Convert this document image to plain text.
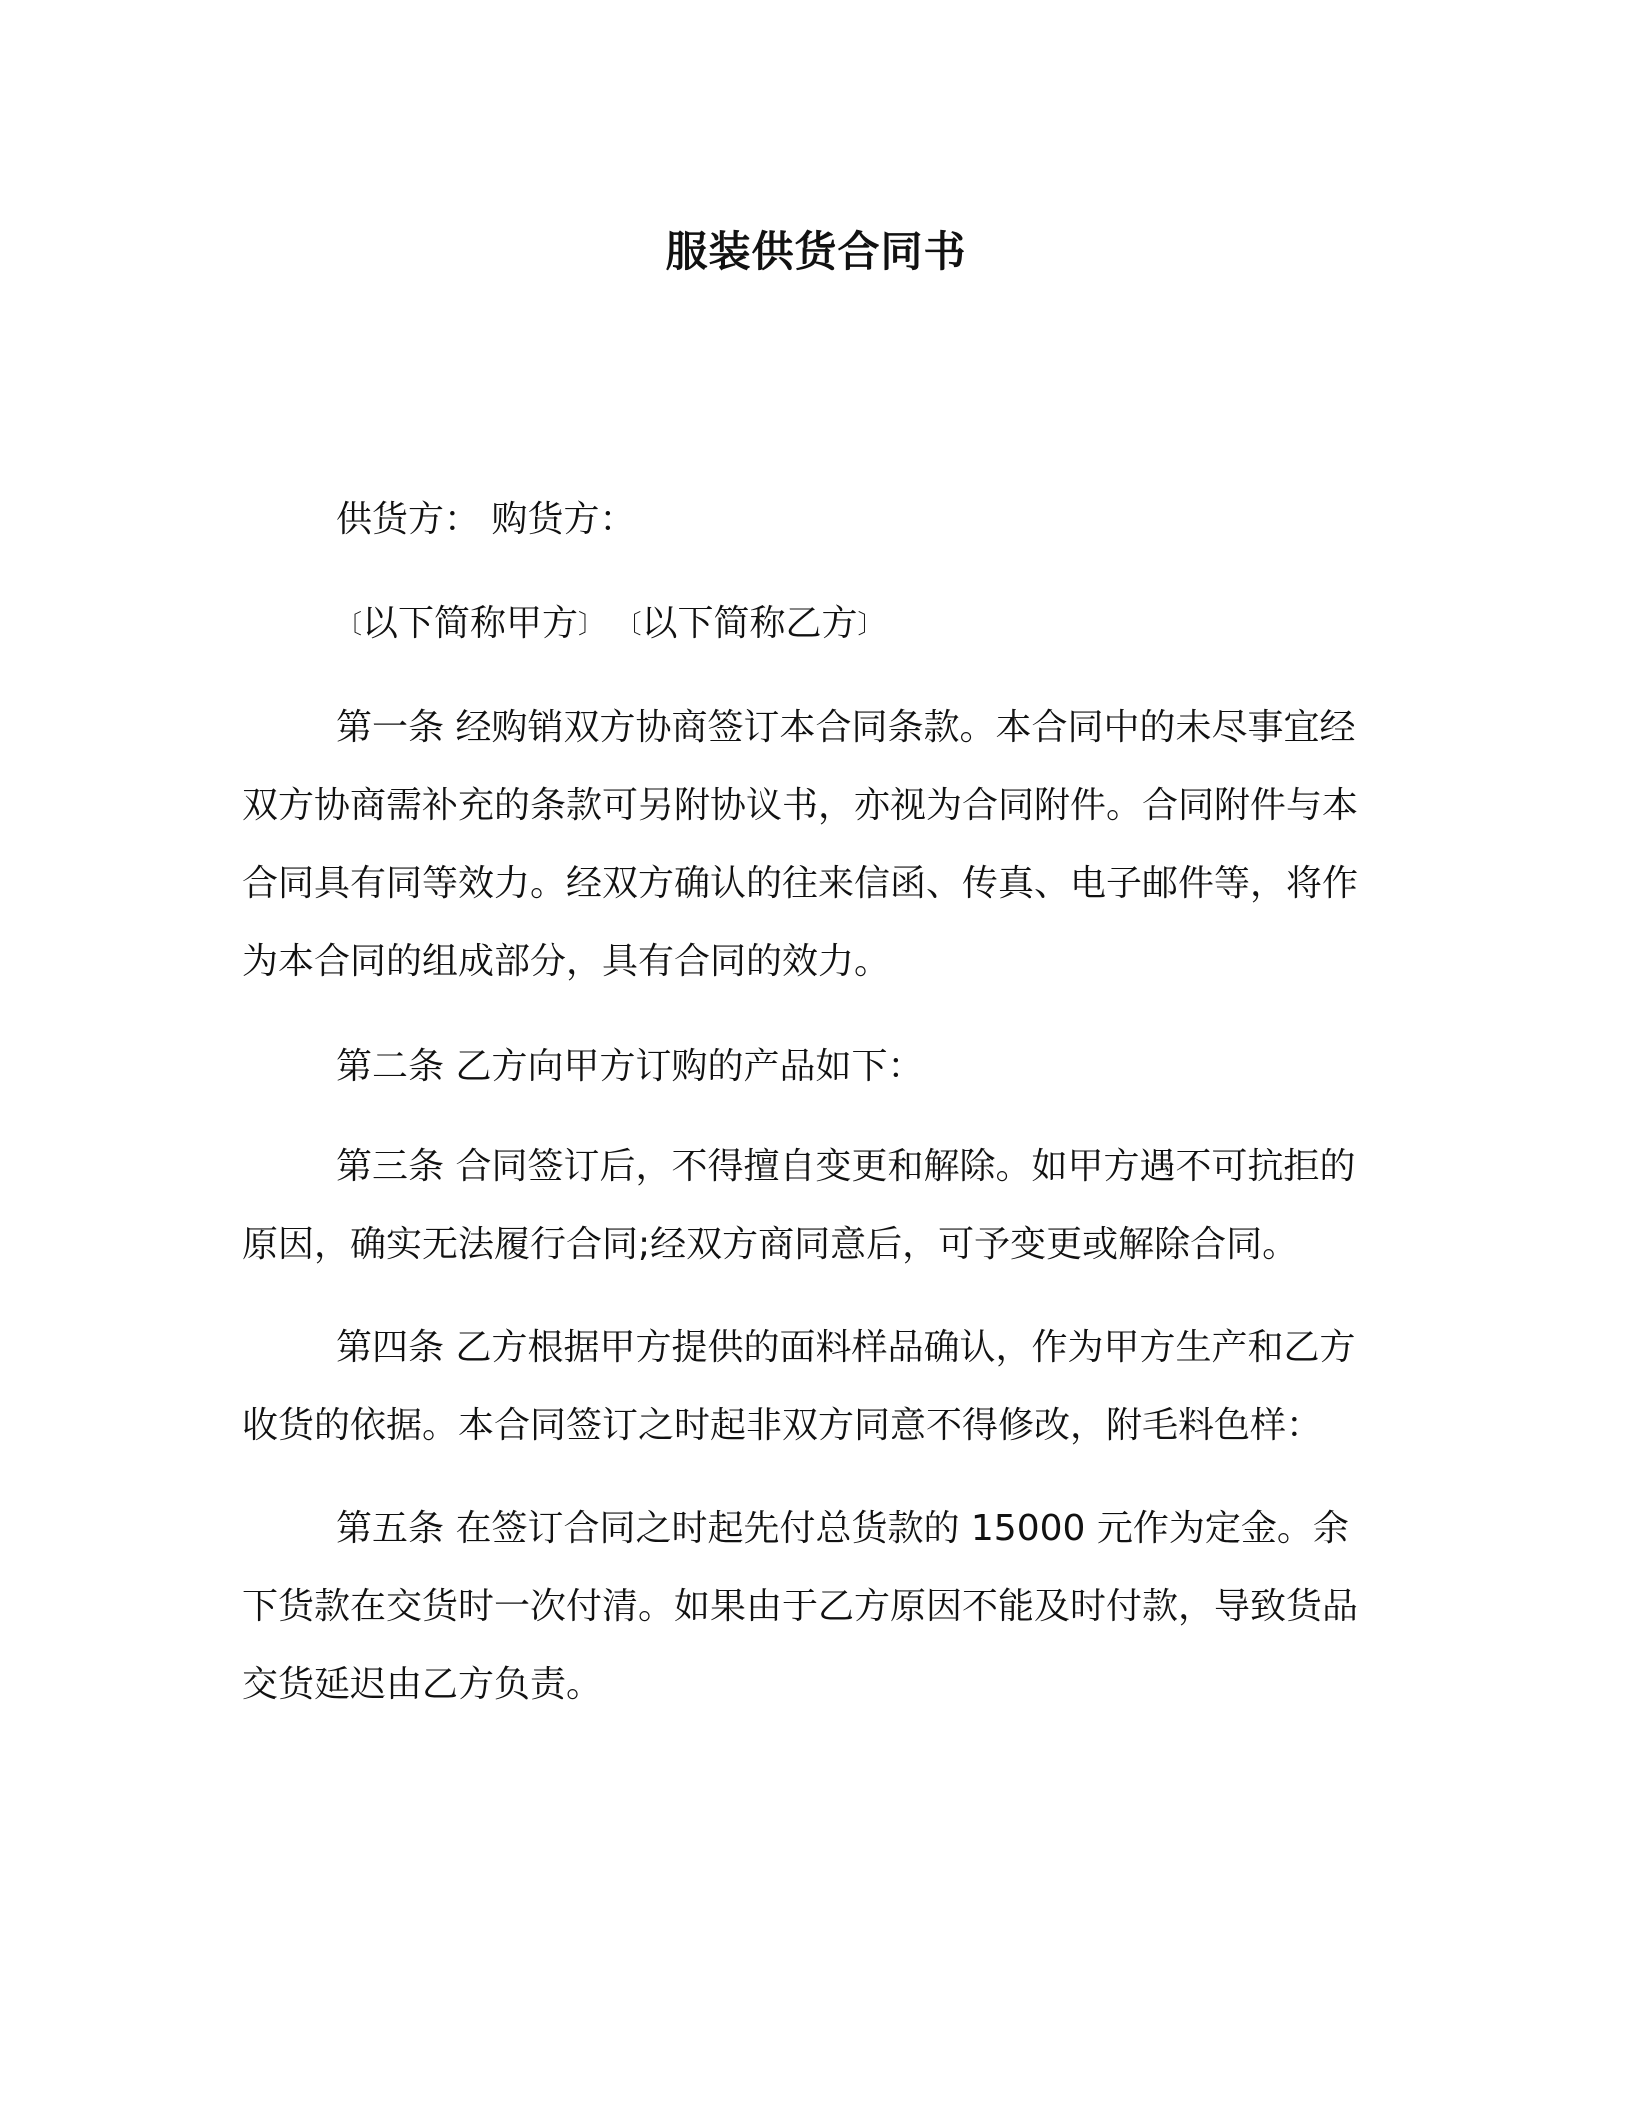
服装供货合同书

供货方： 购货方：

〔以下简称甲方〕 〔以下简称乙方〕

第一条 经购销双方协商签订本合同条款。本合同中的未尽事宜经双方协商需补充的条款可另附协议书，亦视为合同附件。合同附件与本合同具有同等效力。经双方确认的往来信函、传真、电子邮件等，将作为本合同的组成部分，具有合同的效力。

第二条 乙方向甲方订购的产品如下：

第三条 合同签订后，不得擅自变更和解除。如甲方遇不可抗拒的原因，确实无法履行合同;经双方商同意后，可予变更或解除合同。

第四条 乙方根据甲方提供的面料样品确认，作为甲方生产和乙方收货的依据。本合同签订之时起非双方同意不得修改，附毛料色样：

第五条 在签订合同之时起先付总货款的 15000 元作为定金。余下货款在交货时一次付清。如果由于乙方原因不能及时付款，导致货品交货延迟由乙方负责。
